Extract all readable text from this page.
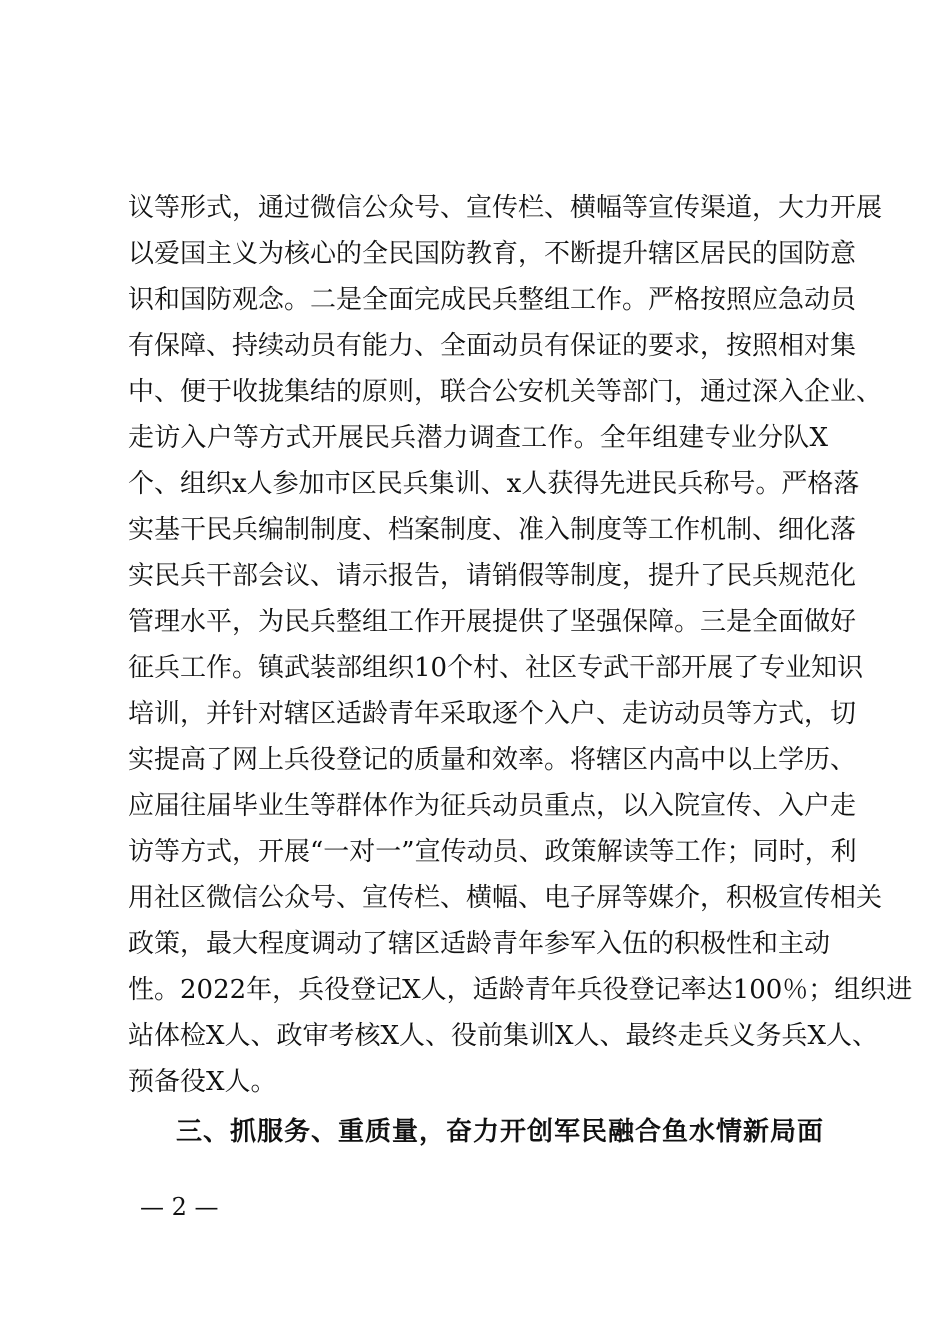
议等形式，通过微信公众号、宣传栏、横幅等宣传渠道，大力开展
以爱国主义为核心的全民国防教育，不断提升辖区居民的国防意
识和国防观念。二是全面完成民兵整组工作。严格按照应急动员
有保障、持续动员有能力、全面动员有保证的要求，按照相对集
中、便于收拢集结的原则，联合公安机关等部门，通过深入企业、
走访入户等方式开展民兵潜力调查工作。全年组建专业分队X
个、组织x人参加市区民兵集训、x人获得先进民兵称号。严格落
实基干民兵编制制度、档案制度、准入制度等工作机制、细化落
实民兵干部会议、请示报告，请销假等制度，提升了民兵规范化
管理水平，为民兵整组工作开展提供了坚强保障。三是全面做好
征兵工作。镇武装部组织10个村、社区专武干部开展了专业知识
培训，并针对辖区适龄青年采取逐个入户、走访动员等方式，切
实提高了网上兵役登记的质量和效率。将辖区内高中以上学历、
应届往届毕业生等群体作为征兵动员重点，以入院宣传、入户走
访等方式，开展“一对一”宣传动员、政策解读等工作；同时，利
用社区微信公众号、宣传栏、横幅、电子屏等媒介，积极宣传相关
政策，最大程度调动了辖区适龄青年参军入伍的积极性和主动
性。2022年，兵役登记X人，适龄青年兵役登记率达100％；组织进
站体检X人、政审考核X人、役前集训X人、最终走兵义务兵X人、
预备役X人。
三、抓服务、重质量，奋力开创军民融合鱼水情新局面
— 2 —
